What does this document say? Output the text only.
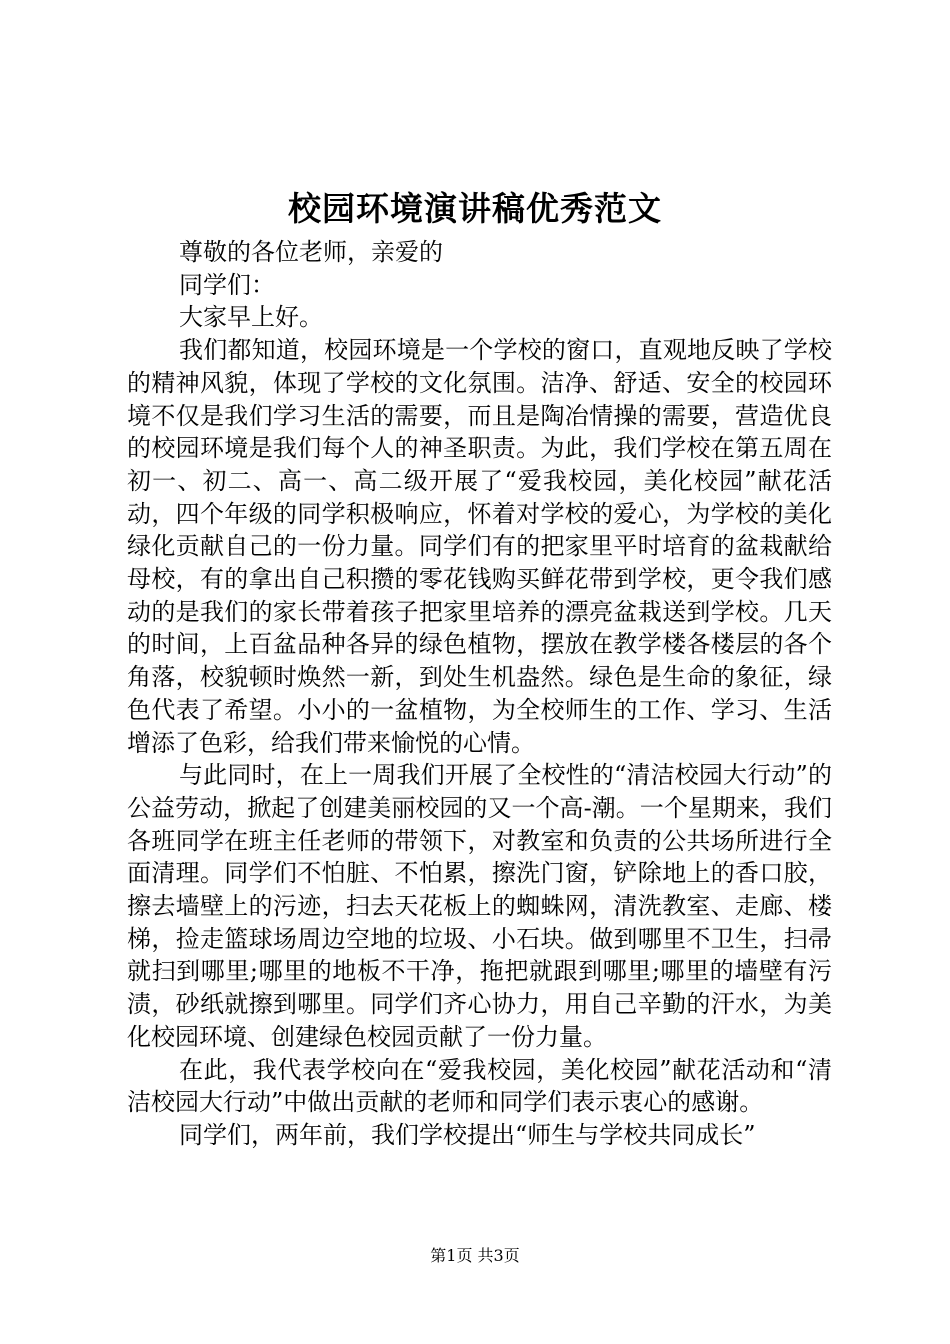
校园环境演讲稿优秀范文

尊敬的各位老师，亲爱的

同学们：

大家早上好。

我们都知道，校园环境是一个学校的窗口，直观地反映了学校的精神风貌，体现了学校的文化氛围。洁净、舒适、安全的校园环境不仅是我们学习生活的需要，而且是陶冶情操的需要，营造优良的校园环境是我们每个人的神圣职责。为此，我们学校在第五周在初一、初二、高一、高二级开展了“爱我校园，美化校园”献花活动，四个年级的同学积极响应，怀着对学校的爱心，为学校的美化绿化贡献自己的一份力量。同学们有的把家里平时培育的盆栽献给母校，有的拿出自己积攒的零花钱购买鲜花带到学校，更令我们感动的是我们的家长带着孩子把家里培养的漂亮盆栽送到学校。几天的时间，上百盆品种各异的绿色植物，摆放在教学楼各楼层的各个角落，校貌顿时焕然一新，到处生机盎然。绿色是生命的象征，绿色代表了希望。小小的一盆植物，为全校师生的工作、学习、生活增添了色彩，给我们带来愉悦的心情。

与此同时，在上一周我们开展了全校性的“清洁校园大行动”的公益劳动，掀起了创建美丽校园的又一个高-潮。一个星期来，我们各班同学在班主任老师的带领下，对教室和负责的公共场所进行全面清理。同学们不怕脏、不怕累，擦洗门窗，铲除地上的香口胶，擦去墙壁上的污迹，扫去天花板上的蜘蛛网，清洗教室、走廊、楼梯，捡走篮球场周边空地的垃圾、小石块。做到哪里不卫生，扫帚就扫到哪里;哪里的地板不干净，拖把就跟到哪里;哪里的墙壁有污渍，砂纸就擦到哪里。同学们齐心协力，用自己辛勤的汗水，为美化校园环境、创建绿色校园贡献了一份力量。

在此，我代表学校向在“爱我校园，美化校园”献花活动和“清洁校园大行动”中做出贡献的老师和同学们表示衷心的感谢。

同学们，两年前，我们学校提出“师生与学校共同成长”

第1页 共3页
